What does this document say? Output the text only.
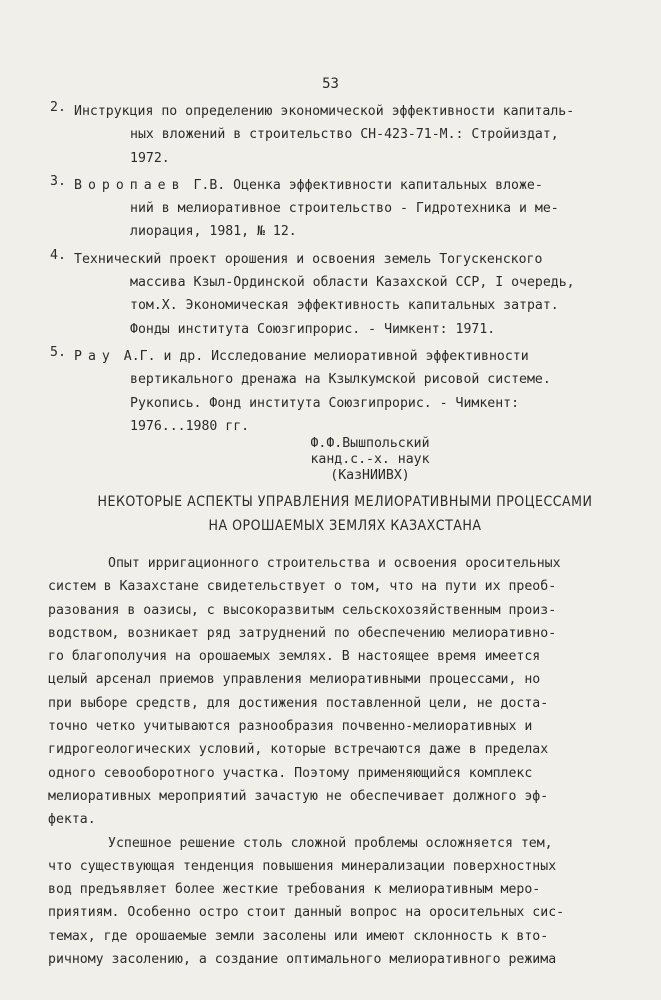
53
2. Инструкция по определению экономической эффективности капиталь-
ных вложений в строительство СН-423-71-М.: Стройиздат,
1972.
3. Воропаев Г.В. Оценка эффективности капитальных вложе-
ний в мелиоративное строительство - Гидротехника и ме-
лиорация, 1981, № 12.
4. Технический проект орошения и освоения земель Тогускенского
массива Кзыл-Ординской области Казахской ССР, I очередь,
том.Х. Экономическая эффективность капитальных затрат.
Фонды института Союзгипрорис. - Чимкент: 1971.
5. Рау А.Г. и др. Исследование мелиоративной эффективности
вертикального дренажа на Кзылкумской рисовой системе.
Рукопись. Фонд института Союзгипрорис. - Чимкент:
1976...1980 гг.
Ф.Ф.Вышпольский
канд.с.-х. наук
(КазНИИВХ)
НЕКОТОРЫЕ АСПЕКТЫ УПРАВЛЕНИЯ МЕЛИОРАТИВНЫМИ ПРОЦЕССАМИ
НА ОРОШАЕМЫХ ЗЕМЛЯХ КАЗАХСТАНА
Опыт ирригационного строительства и освоения оросительных
систем в Казахстане свидетельствует о том, что на пути их преоб-
разования в оазисы, с высокоразвитым сельскохозяйственным произ-
водством, возникает ряд затруднений по обеспечению мелиоративно-
го благополучия на орошаемых землях. В настоящее время имеется
целый арсенал приемов управления мелиоративными процессами, но
при выборе средств, для достижения поставленной цели, не доста-
точно четко учитываются разнообразия почвенно-мелиоративных и
гидрогеологических условий, которые встречаются даже в пределах
одного севооборотного участка. Поэтому применяющийся комплекс
мелиоративных мероприятий зачастую не обеспечивает должного эф-
фекта.
Успешное решение столь сложной проблемы осложняется тем,
что существующая тенденция повышения минерализации поверхностных
вод предъявляет более жесткие требования к мелиоративным меро-
приятиям. Особенно остро стоит данный вопрос на оросительных сис-
темах, где орошаемые земли засолены или имеют склонность к вто-
ричному засолению, а создание оптимального мелиоративного режима
